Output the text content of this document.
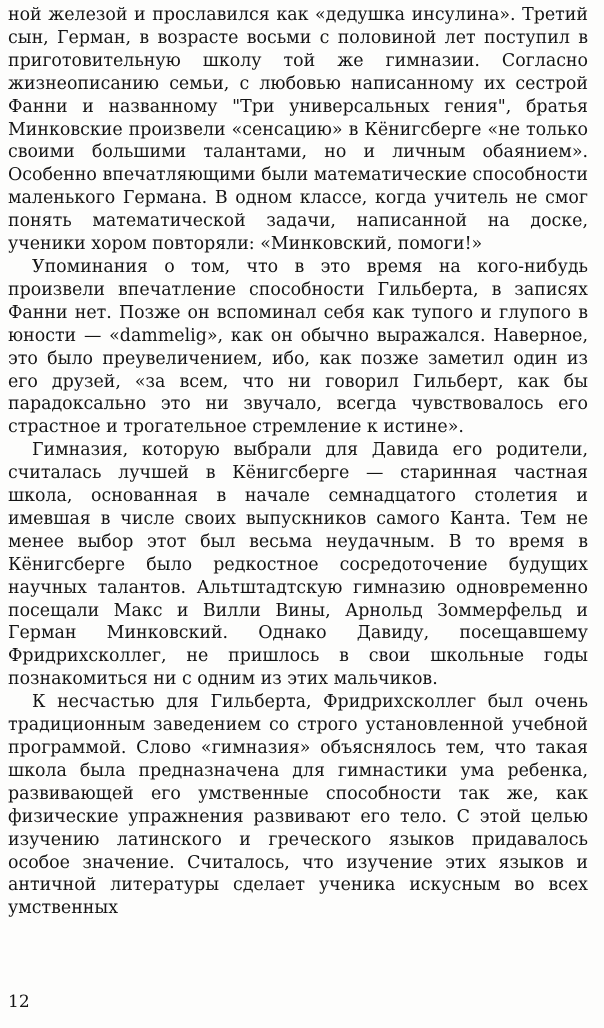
ной железой и прославился как «дедушка инсулина». Третий сын, Герман, в возрасте восьми с половиной лет поступил в приготовительную школу той же гимназии. Согласно жизнеописанию семьи, с любовью написанному их сестрой Фанни и названному "Три универсальных гения", братья Минковские произвели «сенсацию» в Кёнигсберге «не только своими большими талантами, но и личным обаянием». Особенно впечатляющими были математические способности маленького Германа. В одном классе, когда учитель не смог понять математической задачи, написанной на доске, ученики хором повторяли: «Минковский, помоги!»

Упоминания о том, что в это время на кого-нибудь произвели впечатление способности Гильберта, в записях Фанни нет. Позже он вспоминал себя как тупого и глупого в юности — «dammelig», как он обычно выражался. Наверное, это было преувеличением, ибо, как позже заметил один из его друзей, «за всем, что ни говорил Гильберт, как бы парадоксально это ни звучало, всегда чувствовалось его страстное и трогательное стремление к истине».

Гимназия, которую выбрали для Давида его родители, считалась лучшей в Кёнигсберге — старинная частная школа, основанная в начале семнадцатого столетия и имевшая в числе своих выпускников самого Канта. Тем не менее выбор этот был весьма неудачным. В то время в Кёнигсберге было редкостное сосредоточение будущих научных талантов. Альтштадтскую гимназию одновременно посещали Макс и Вилли Вины, Арнольд Зоммерфельд и Герман Минковский. Однако Давиду, посещавшему Фридрихсколлег, не пришлось в свои школьные годы познакомиться ни с одним из этих мальчиков.

К несчастью для Гильберта, Фридрихсколлег был очень традиционным заведением со строго установленной учебной программой. Слово «гимназия» объяснялось тем, что такая школа была предназначена для гимнастики ума ребенка, развивающей его умственные способности так же, как физические упражнения развивают его тело. С этой целью изучению латинского и греческого языков придавалось особое значение. Считалось, что изучение этих языков и античной литературы сделает ученика искусным во всех умственных

12
